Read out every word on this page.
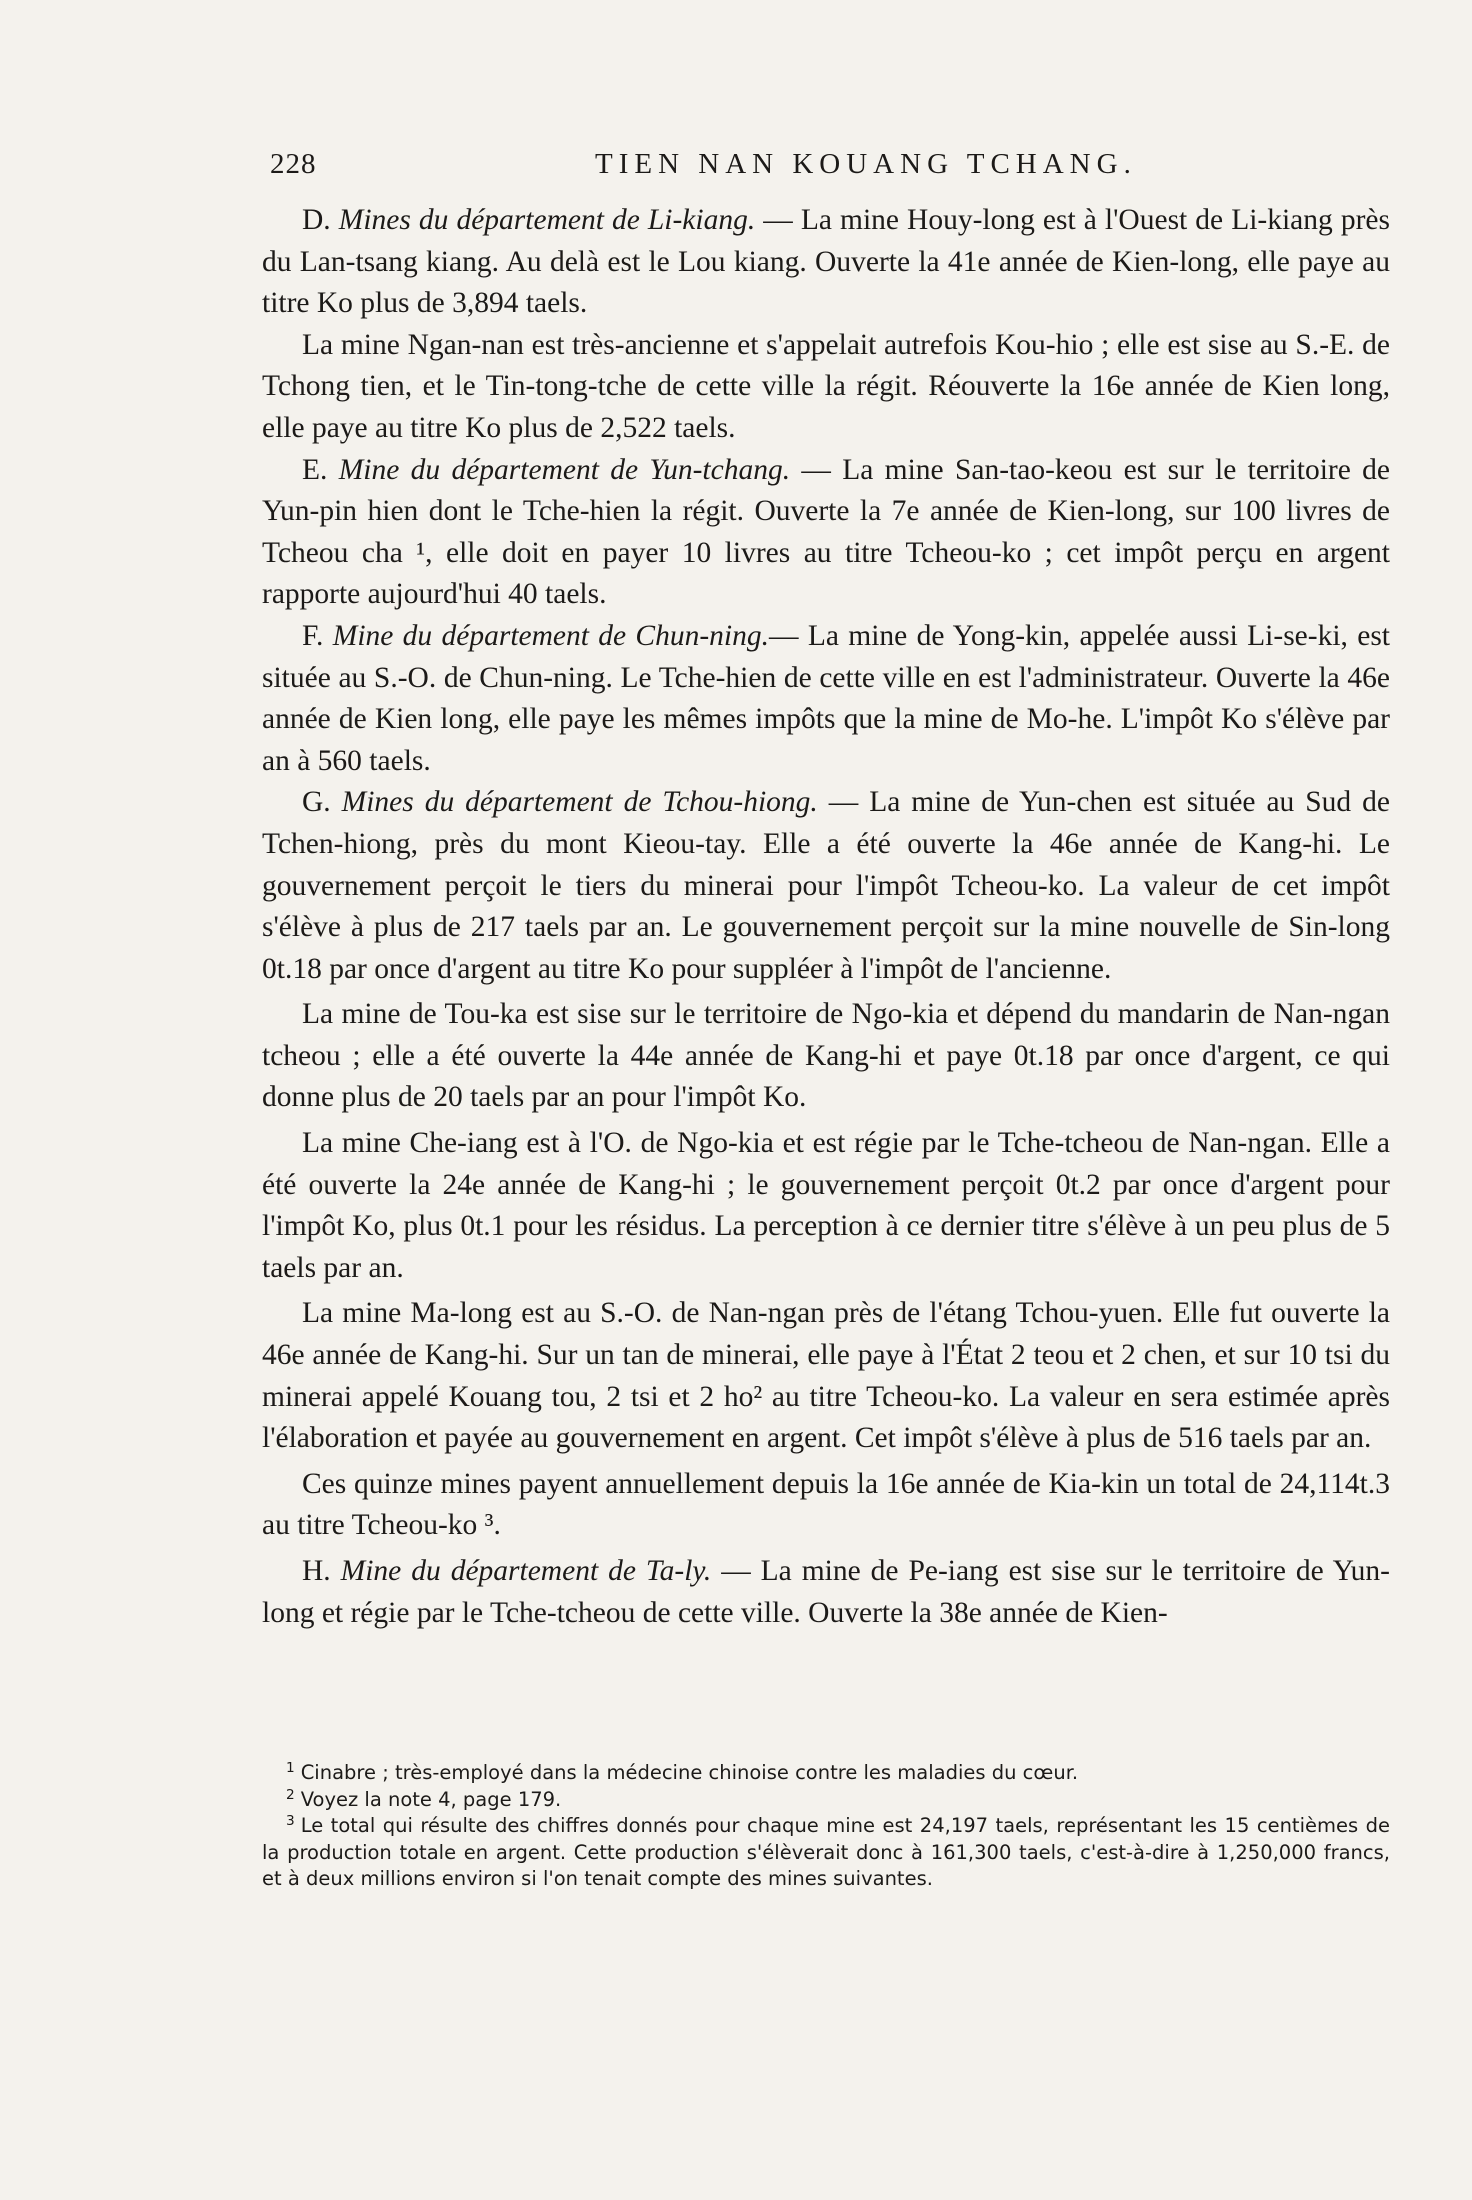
228	TIEN NAN KOUANG TCHANG.

D. Mines du département de Li-kiang. — La mine Houy-long est à l'Ouest de Li-kiang près du Lan-tsang kiang. Au delà est le Lou kiang. Ouverte la 41e année de Kien-long, elle paye au titre Ko plus de 3,894 taels.

La mine Ngan-nan est très-ancienne et s'appelait autrefois Kou-hio ; elle est sise au S.-E. de Tchong tien, et le Tin-tong-tche de cette ville la régit. Réouverte la 16e année de Kien long, elle paye au titre Ko plus de 2,522 taels.

E. Mine du département de Yun-tchang. — La mine San-tao-keou est sur le territoire de Yun-pin hien dont le Tche-hien la régit. Ouverte la 7e année de Kien-long, sur 100 livres de Tcheou cha ¹, elle doit en payer 10 livres au titre Tcheou-ko ; cet impôt perçu en argent rapporte aujourd'hui 40 taels.

F. Mine du département de Chun-ning.— La mine de Yong-kin, appelée aussi Li-se-ki, est située au S.-O. de Chun-ning. Le Tche-hien de cette ville en est l'administrateur. Ouverte la 46e année de Kien long, elle paye les mêmes impôts que la mine de Mo-he. L'impôt Ko s'élève par an à 560 taels.

G. Mines du département de Tchou-hiong. — La mine de Yun-chen est située au Sud de Tchen-hiong, près du mont Kieou-tay. Elle a été ouverte la 46e année de Kang-hi. Le gouvernement perçoit le tiers du minerai pour l'impôt Tcheou-ko. La valeur de cet impôt s'élève à plus de 217 taels par an. Le gouvernement perçoit sur la mine nouvelle de Sin-long 0t.18 par once d'argent au titre Ko pour suppléer à l'impôt de l'ancienne.

La mine de Tou-ka est sise sur le territoire de Ngo-kia et dépend du mandarin de Nan-ngan tcheou ; elle a été ouverte la 44e année de Kang-hi et paye 0t.18 par once d'argent, ce qui donne plus de 20 taels par an pour l'impôt Ko.

La mine Che-iang est à l'O. de Ngo-kia et est régie par le Tche-tcheou de Nan-ngan. Elle a été ouverte la 24e année de Kang-hi ; le gouvernement perçoit 0t.2 par once d'argent pour l'impôt Ko, plus 0t.1 pour les résidus. La perception à ce dernier titre s'élève à un peu plus de 5 taels par an.

La mine Ma-long est au S.-O. de Nan-ngan près de l'étang Tchou-yuen. Elle fut ouverte la 46e année de Kang-hi. Sur un tan de minerai, elle paye à l'État 2 teou et 2 chen, et sur 10 tsi du minerai appelé Kouang tou, 2 tsi et 2 ho² au titre Tcheou-ko. La valeur en sera estimée après l'élaboration et payée au gouvernement en argent. Cet impôt s'élève à plus de 516 taels par an.

Ces quinze mines payent annuellement depuis la 16e année de Kia-kin un total de 24,114t.3 au titre Tcheou-ko ³.

H. Mine du département de Ta-ly. — La mine de Pe-iang est sise sur le territoire de Yun-long et régie par le Tche-tcheou de cette ville. Ouverte la 38e année de Kien-

$^1$ Cinabre ; très-employé dans la médecine chinoise contre les maladies du cœur.

$^2$ Voyez la note 4, page 179.

$^3$ Le total qui résulte des chiffres donnés pour chaque mine est 24,197 taels, représentant les 15 centièmes de la production totale en argent. Cette production s'élèverait donc à 161,300 taels, c'est-à-dire à 1,250,000 francs, et à deux millions environ si l'on tenait compte des mines suivantes.
